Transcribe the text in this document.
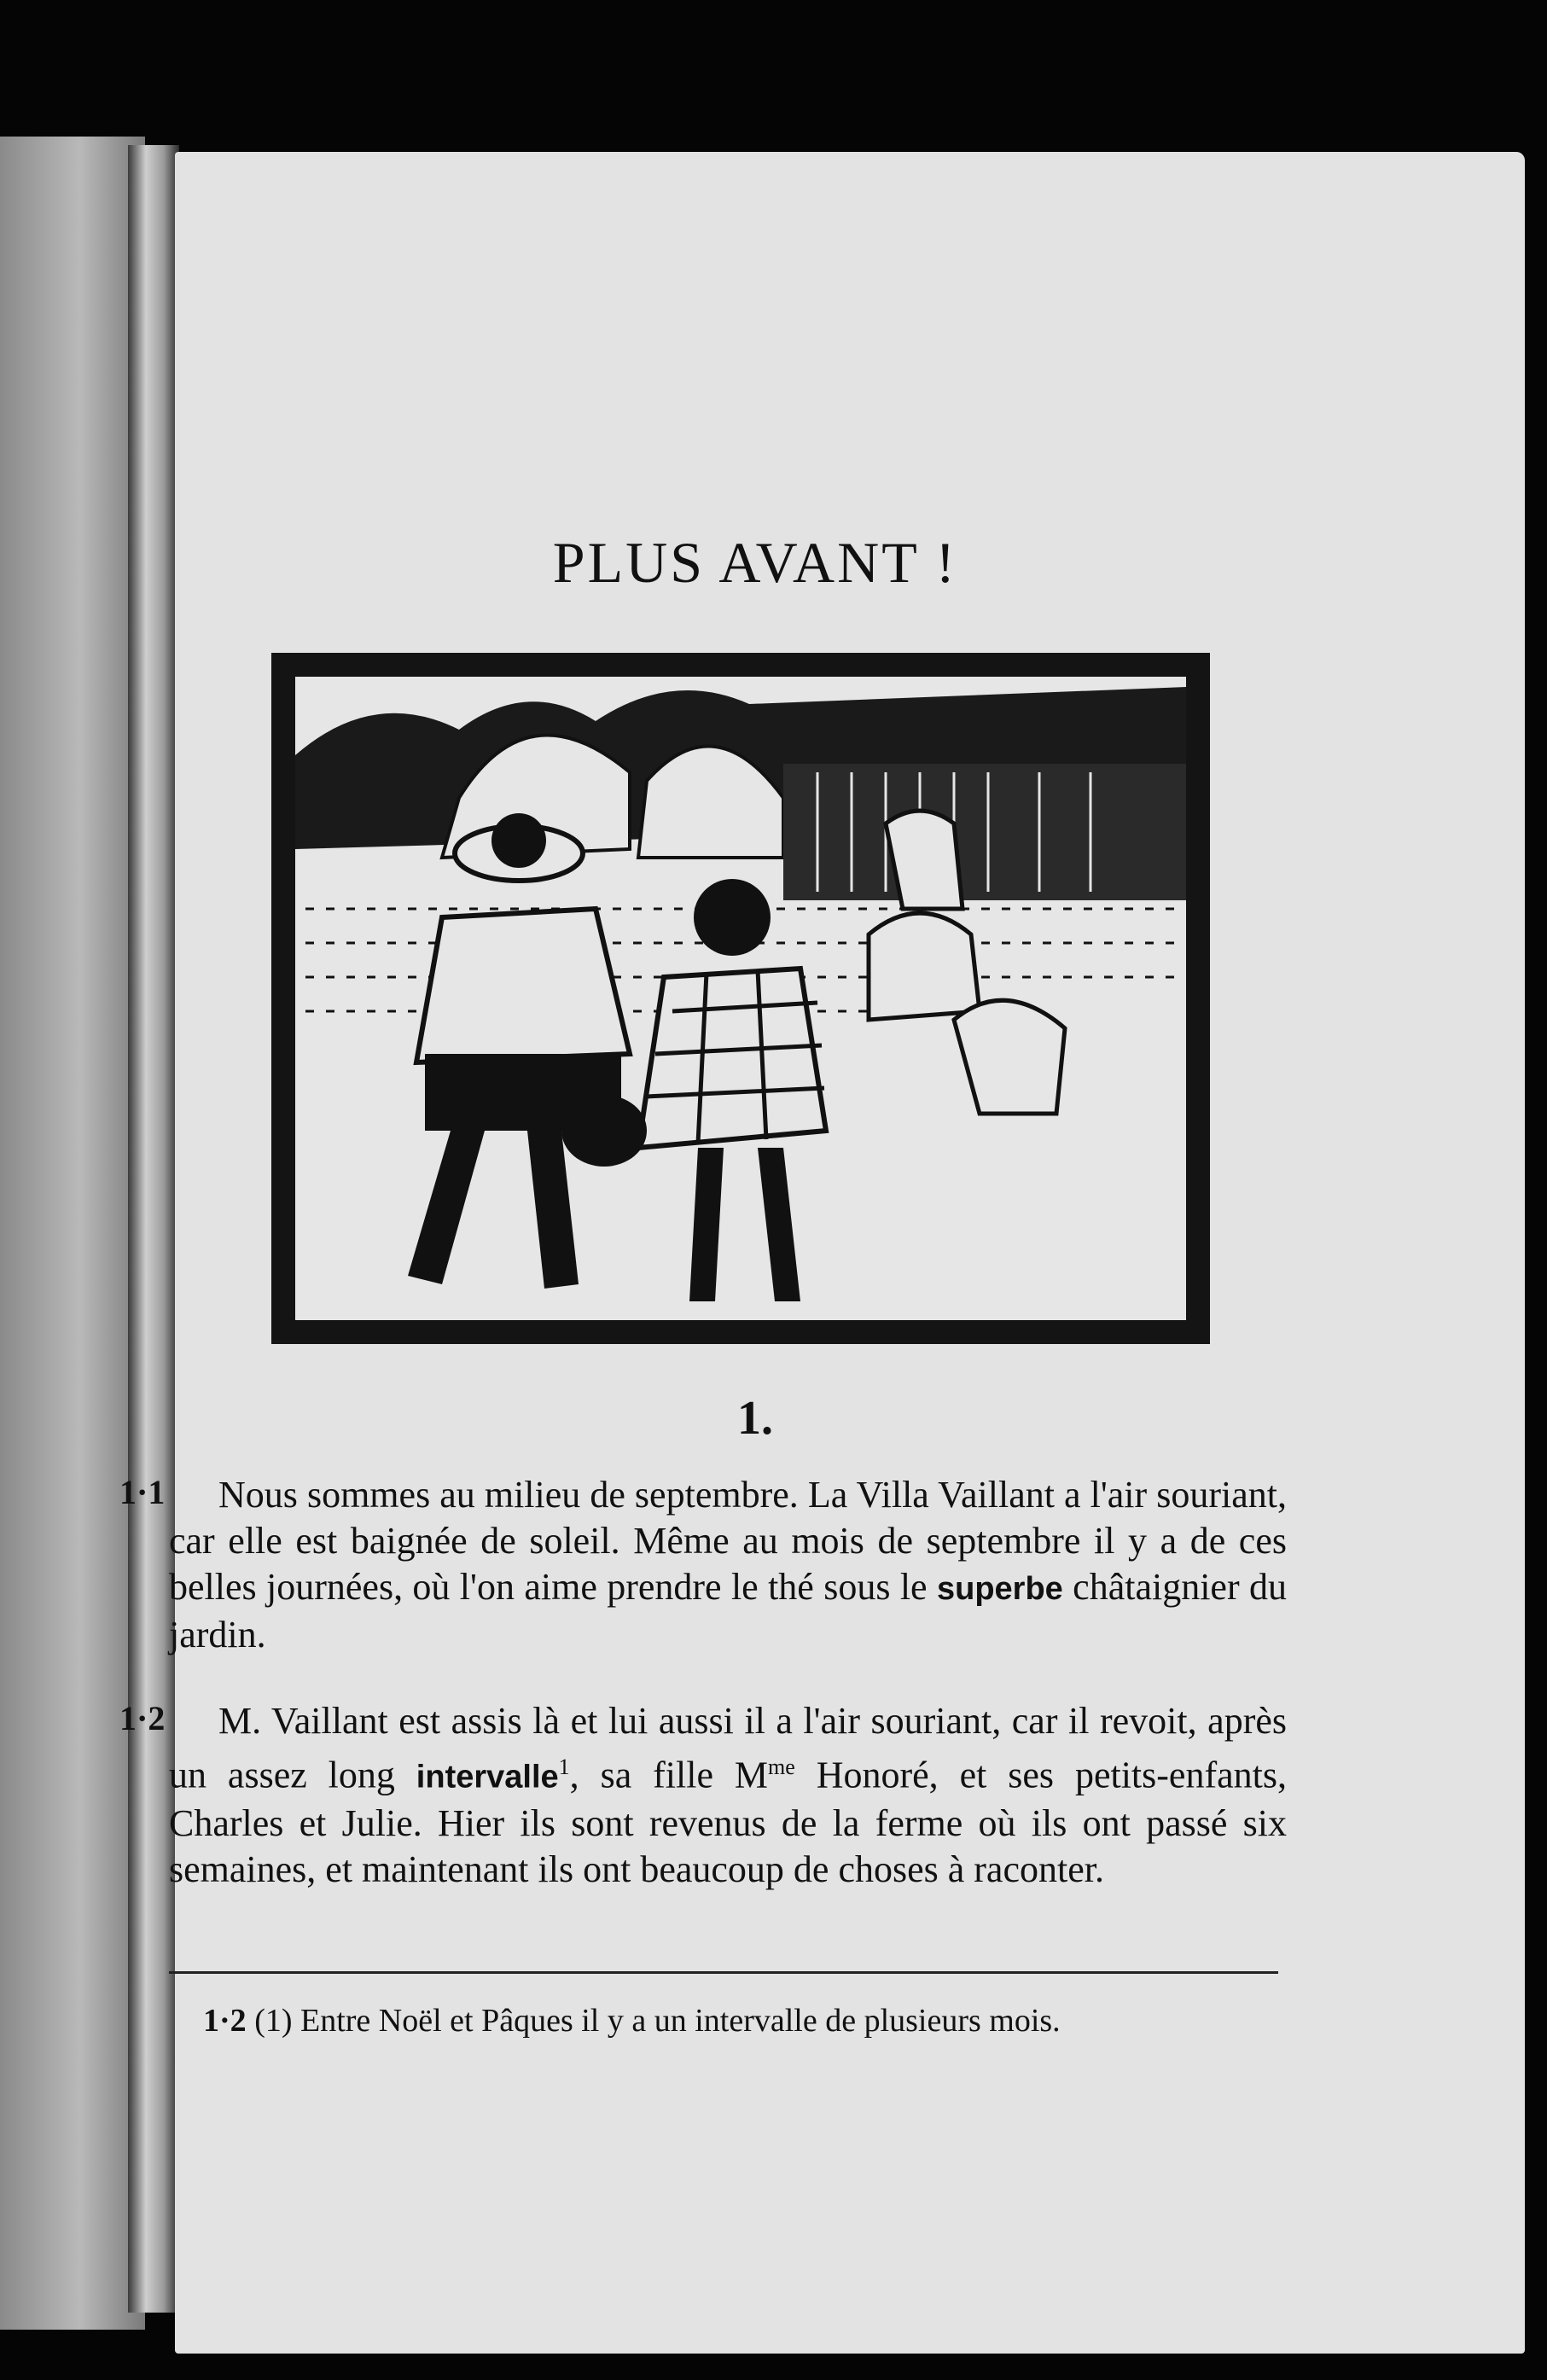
PLUS AVANT !
1.
1·1	Nous sommes au milieu de septembre. La Villa Vaillant a l'air souriant, car elle est baignée de soleil. Même au mois de septembre il y a de ces belles journées, où l'on aime prendre le thé sous le superbe châtaignier du jardin.
1·2	M. Vaillant est assis là et lui aussi il a l'air souriant, car il revoit, après un assez long intervalle$^1$, sa fille $M^{me}$ Honoré, et ses petits-enfants, Charles et Julie. Hier ils sont revenus de la ferme où ils ont passé six semaines, et maintenant ils ont beaucoup de choses à raconter.
1·2 (1) Entre Noël et Pâques il y a un intervalle de plusieurs mois.
